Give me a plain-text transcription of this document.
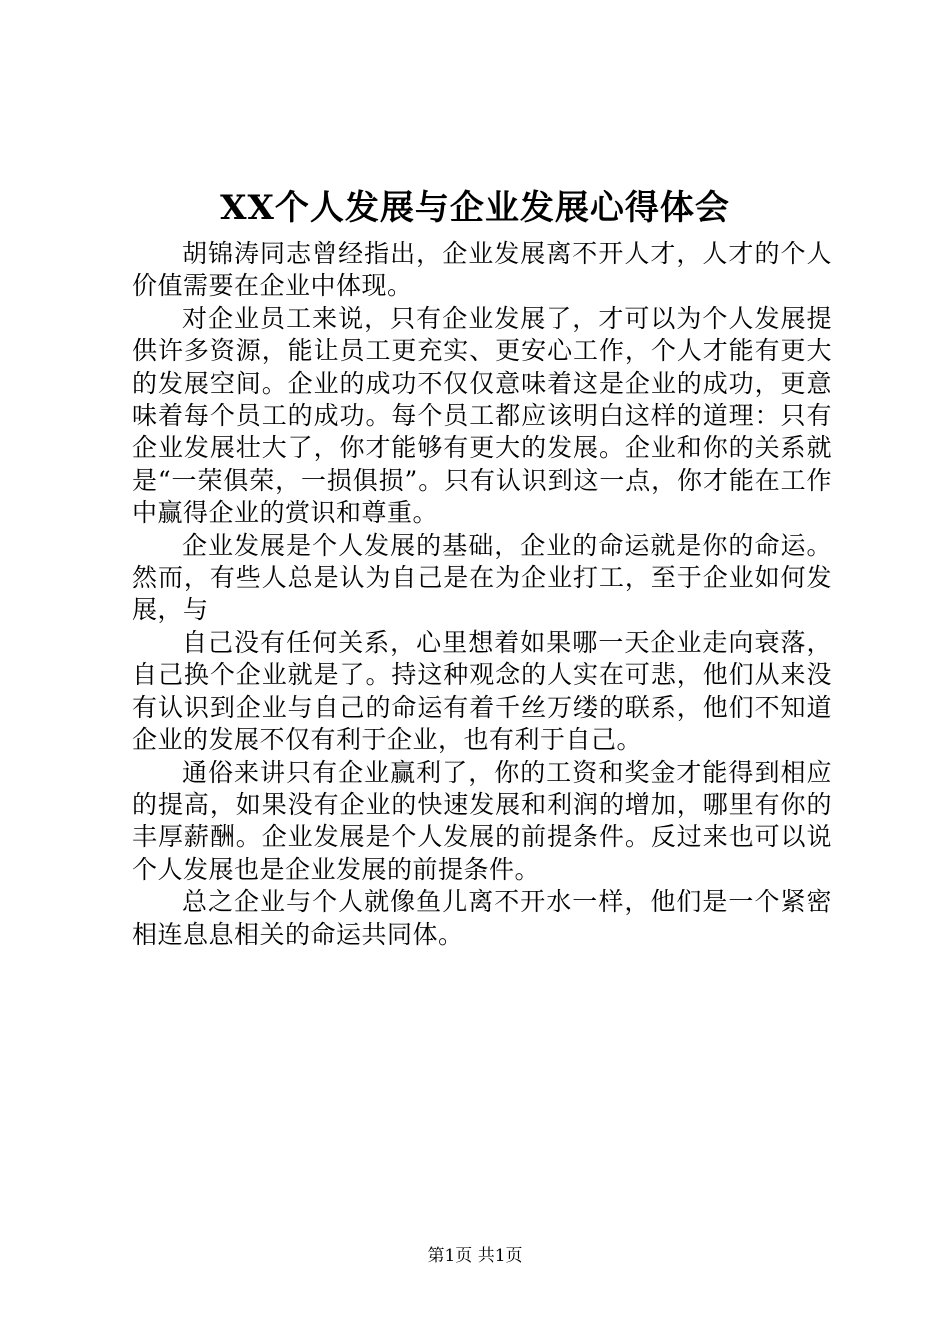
XX个人发展与企业发展心得体会

胡锦涛同志曾经指出，企业发展离不开人才，人才的个人价值需要在企业中体现。

对企业员工来说，只有企业发展了，才可以为个人发展提供许多资源，能让员工更充实、更安心工作，个人才能有更大的发展空间。企业的成功不仅仅意味着这是企业的成功，更意味着每个员工的成功。每个员工都应该明白这样的道理：只有企业发展壮大了，你才能够有更大的发展。企业和你的关系就是“一荣俱荣，一损俱损”。只有认识到这一点，你才能在工作中赢得企业的赏识和尊重。

企业发展是个人发展的基础，企业的命运就是你的命运。然而，有些人总是认为自己是在为企业打工，至于企业如何发展，与

自己没有任何关系，心里想着如果哪一天企业走向衰落，自己换个企业就是了。持这种观念的人实在可悲，他们从来没有认识到企业与自己的命运有着千丝万缕的联系，他们不知道企业的发展不仅有利于企业，也有利于自己。

通俗来讲只有企业赢利了，你的工资和奖金才能得到相应的提高，如果没有企业的快速发展和利润的增加，哪里有你的丰厚薪酬。企业发展是个人发展的前提条件。反过来也可以说个人发展也是企业发展的前提条件。

总之企业与个人就像鱼儿离不开水一样，他们是一个紧密相连息息相关的命运共同体。

第1页 共1页
